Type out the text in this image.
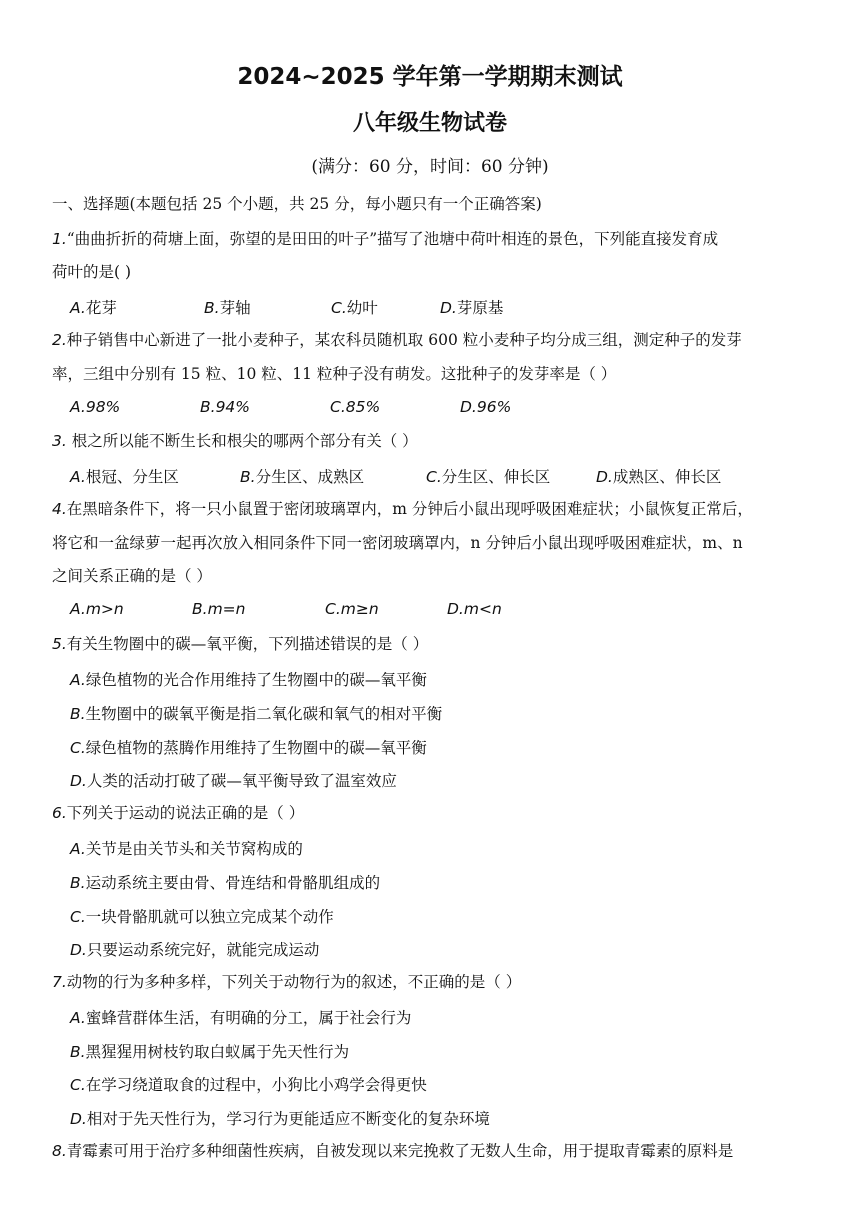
2024~2025 学年第一学期期末测试
八年级生物试卷
(满分：60 分，时间：60 分钟)
一、选择题(本题包括 25 个小题，共 25 分，每小题只有一个正确答案)
1.“曲曲折折的荷塘上面，弥望的是田田的叶子”描写了池塘中荷叶相连的景色，下列能直接发育成
荷叶的是( )
A.花芽	B.芽轴	C.幼叶	D.芽原基
2.种子销售中心新进了一批小麦种子，某农科员随机取 600 粒小麦种子均分成三组，测定种子的发芽
率，三组中分别有 15 粒、10 粒、11 粒种子没有萌发。这批种子的发芽率是（ ）
A.98%	B.94%	C.85%	D.96%
3. 根之所以能不断生长和根尖的哪两个部分有关（ ）
A.根冠、分生区	B.分生区、成熟区	C.分生区、伸长区	D.成熟区、伸长区
4.在黑暗条件下，将一只小鼠置于密闭玻璃罩内，m 分钟后小鼠出现呼吸困难症状；小鼠恢复正常后，
将它和一盆绿萝一起再次放入相同条件下同一密闭玻璃罩内，n 分钟后小鼠出现呼吸困难症状，m、n
之间关系正确的是（ ）
A.m>n	B.m=n	C.m≥n	D.m<n
5.有关生物圈中的碳—氧平衡，下列描述错误的是（ ）
A.绿色植物的光合作用维持了生物圈中的碳—氧平衡
B.生物圈中的碳氧平衡是指二氧化碳和氧气的相对平衡
C.绿色植物的蒸腾作用维持了生物圈中的碳—氧平衡
D.人类的活动打破了碳—氧平衡导致了温室效应
6.下列关于运动的说法正确的是（ ）
A.关节是由关节头和关节窝构成的
B.运动系统主要由骨、骨连结和骨骼肌组成的
C.一块骨骼肌就可以独立完成某个动作
D.只要运动系统完好，就能完成运动
7.动物的行为多种多样，下列关于动物行为的叙述，不正确的是（ ）
A.蜜蜂营群体生活，有明确的分工，属于社会行为
B.黑猩猩用树枝钓取白蚁属于先天性行为
C.在学习绕道取食的过程中，小狗比小鸡学会得更快
D.相对于先天性行为，学习行为更能适应不断变化的复杂环境
8.青霉素可用于治疗多种细菌性疾病，自被发现以来完挽救了无数人生命，用于提取青霉素的原料是
